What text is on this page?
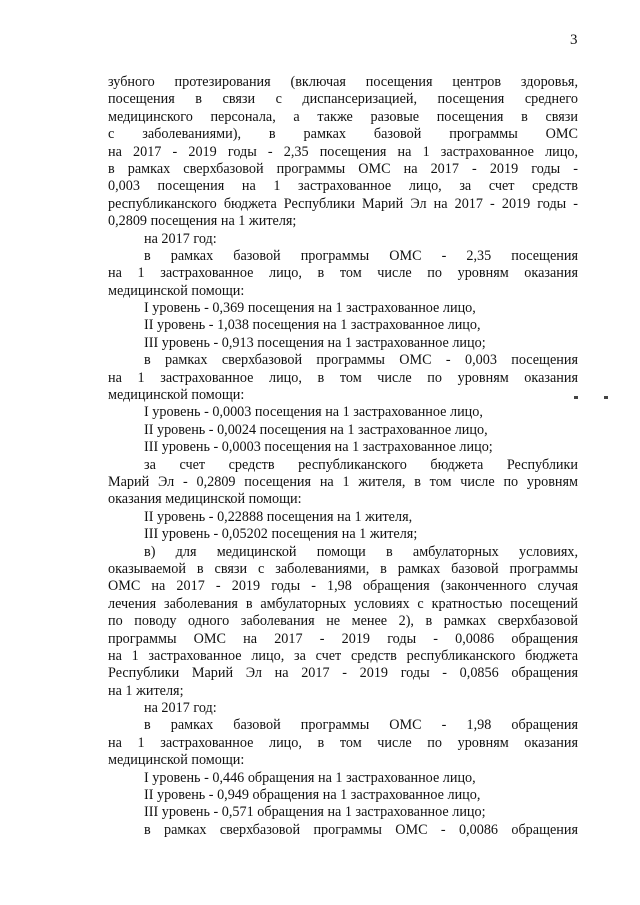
3
зубного протезирования (включая посещения центров здоровья,
посещения в связи с диспансеризацией, посещения среднего
медицинского персонала, а также разовые посещения в связи
с заболеваниями), в рамках базовой программы ОМС
на 2017 - 2019 годы - 2,35 посещения на 1 застрахованное лицо,
в рамках сверхбазовой программы ОМС на 2017 - 2019 годы -
0,003 посещения на 1 застрахованное лицо, за счет средств
республиканского бюджета Республики Марий Эл на 2017 - 2019 годы -
0,2809 посещения на 1 жителя;
на 2017 год:
в рамках базовой программы ОМС - 2,35 посещения
на 1 застрахованное лицо, в том числе по уровням оказания
медицинской помощи:
I уровень - 0,369 посещения на 1 застрахованное лицо,
II уровень - 1,038 посещения на 1 застрахованное лицо,
III уровень - 0,913 посещения на 1 застрахованное лицо;
в рамках сверхбазовой программы ОМС - 0,003 посещения
на 1 застрахованное лицо, в том числе по уровням оказания
медицинской помощи:
I уровень - 0,0003 посещения на 1 застрахованное лицо,
II уровень - 0,0024 посещения на 1 застрахованное лицо,
III уровень - 0,0003 посещения на 1 застрахованное лицо;
за счет средств республиканского бюджета Республики
Марий Эл - 0,2809 посещения на 1 жителя, в том числе по уровням
оказания медицинской помощи:
II уровень - 0,22888 посещения на 1 жителя,
III уровень - 0,05202 посещения на 1 жителя;
в) для медицинской помощи в амбулаторных условиях,
оказываемой в связи с заболеваниями, в рамках базовой программы
ОМС на 2017 - 2019 годы - 1,98 обращения (законченного случая
лечения заболевания в амбулаторных условиях с кратностью посещений
по поводу одного заболевания не менее 2), в рамках сверхбазовой
программы ОМС на 2017 - 2019 годы - 0,0086 обращения
на 1 застрахованное лицо, за счет средств республиканского бюджета
Республики Марий Эл на 2017 - 2019 годы - 0,0856 обращения
на 1 жителя;
на 2017 год:
в рамках базовой программы ОМС - 1,98 обращения
на 1 застрахованное лицо, в том числе по уровням оказания
медицинской помощи:
I уровень - 0,446 обращения на 1 застрахованное лицо,
II уровень - 0,949 обращения на 1 застрахованное лицо,
III уровень - 0,571 обращения на 1 застрахованное лицо;
в рамках сверхбазовой программы ОМС - 0,0086 обращения
